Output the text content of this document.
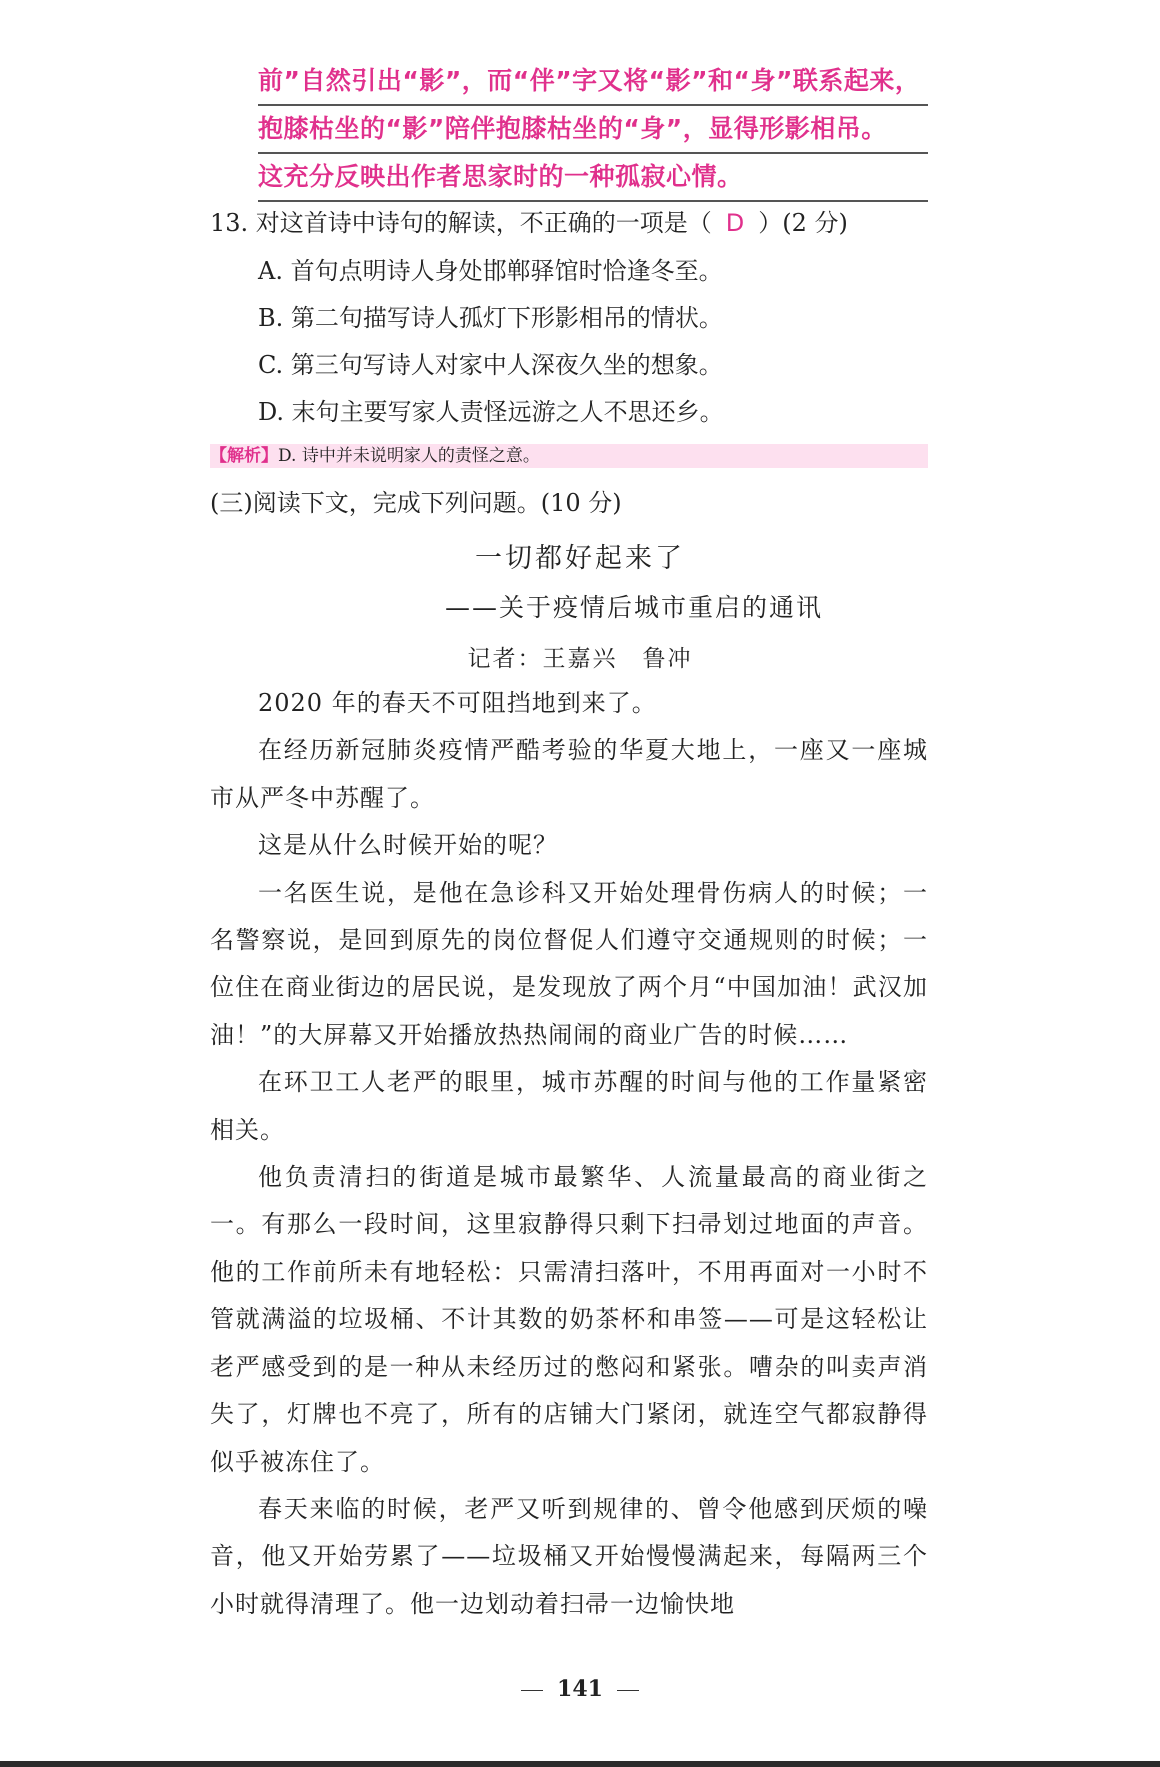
前”自然引出“影”，而“伴”字又将“影”和“身”联系起来，
抱膝枯坐的“影”陪伴抱膝枯坐的“身”，显得形影相吊。
这充分反映出作者思家时的一种孤寂心情。
13. 对这首诗中诗句的解读，不正确的一项是（ D ）(2 分)
A. 首句点明诗人身处邯郸驿馆时恰逢冬至。
B. 第二句描写诗人孤灯下形影相吊的情状。
C. 第三句写诗人对家中人深夜久坐的想象。
D. 末句主要写家人责怪远游之人不思还乡。
【解析】D. 诗中并未说明家人的责怪之意。
(三)阅读下文，完成下列问题。(10 分)
一切都好起来了
——关于疫情后城市重启的通讯
记者：王嘉兴　鲁冲

2020 年的春天不可阻挡地到来了。

在经历新冠肺炎疫情严酷考验的华夏大地上，一座又一座城市从严冬中苏醒了。

这是从什么时候开始的呢？

一名医生说，是他在急诊科又开始处理骨伤病人的时候；一名警察说，是回到原先的岗位督促人们遵守交通规则的时候；一位住在商业街边的居民说，是发现放了两个月“中国加油！武汉加油！”的大屏幕又开始播放热热闹闹的商业广告的时候……

在环卫工人老严的眼里，城市苏醒的时间与他的工作量紧密相关。

他负责清扫的街道是城市最繁华、人流量最高的商业街之一。有那么一段时间，这里寂静得只剩下扫帚划过地面的声音。他的工作前所未有地轻松：只需清扫落叶，不用再面对一小时不管就满溢的垃圾桶、不计其数的奶茶杯和串签——可是这轻松让老严感受到的是一种从未经历过的憋闷和紧张。嘈杂的叫卖声消失了，灯牌也不亮了，所有的店铺大门紧闭，就连空气都寂静得似乎被冻住了。

春天来临的时候，老严又听到规律的、曾令他感到厌烦的噪音，他又开始劳累了——垃圾桶又开始慢慢满起来，每隔两三个小时就得清理了。他一边划动着扫帚一边愉快地

141
